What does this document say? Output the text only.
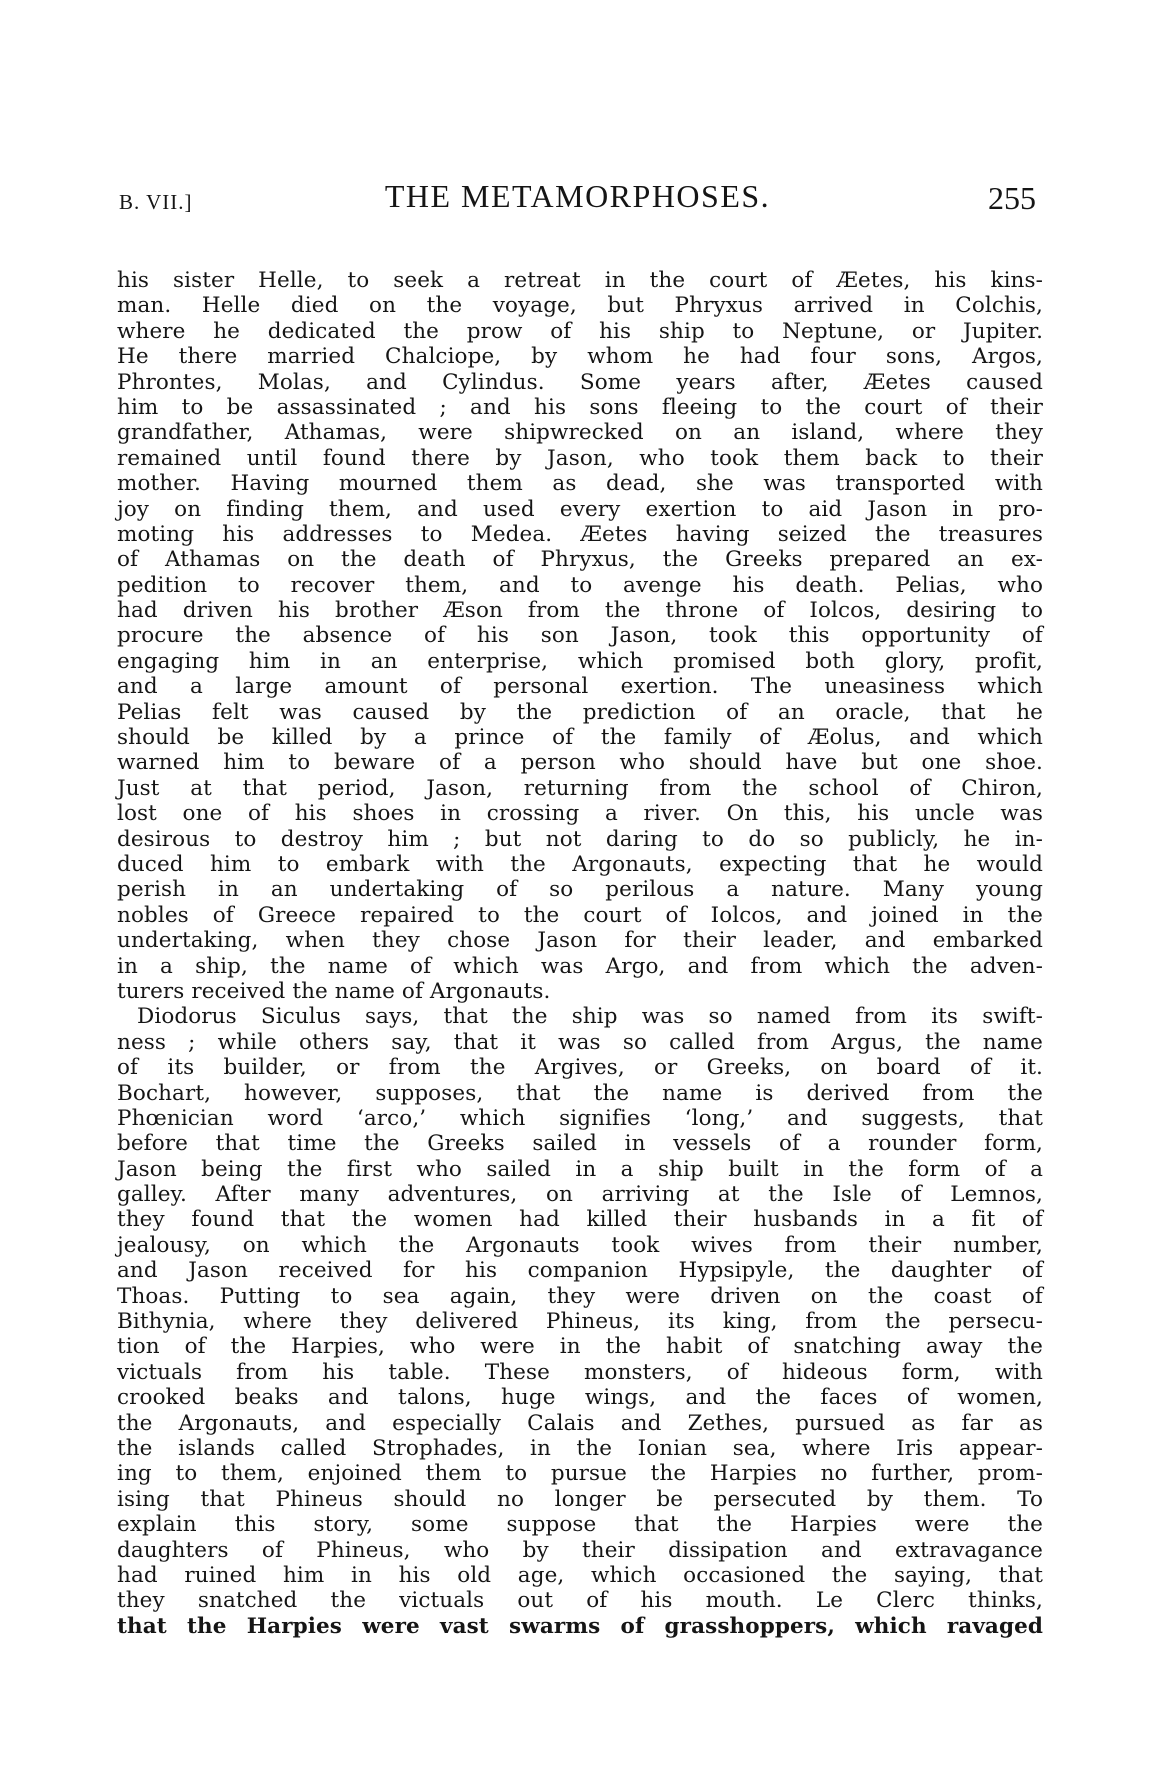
B. VII.]	THE METAMORPHOSES.	255
his sister Helle, to seek a retreat in the court of Æetes, his kins-
man. Helle died on the voyage, but Phryxus arrived in Colchis,
where he dedicated the prow of his ship to Neptune, or Jupiter.
He there married Chalciope, by whom he had four sons, Argos,
Phrontes, Molas, and Cylindus. Some years after, Æetes caused
him to be assassinated ; and his sons fleeing to the court of their
grandfather, Athamas, were shipwrecked on an island, where they
remained until found there by Jason, who took them back to their
mother. Having mourned them as dead, she was transported with
joy on finding them, and used every exertion to aid Jason in pro-
moting his addresses to Medea. Æetes having seized the treasures
of Athamas on the death of Phryxus, the Greeks prepared an ex-
pedition to recover them, and to avenge his death. Pelias, who
had driven his brother Æson from the throne of Iolcos, desiring to
procure the absence of his son Jason, took this opportunity of
engaging him in an enterprise, which promised both glory, profit,
and a large amount of personal exertion. The uneasiness which
Pelias felt was caused by the prediction of an oracle, that he
should be killed by a prince of the family of Æolus, and which
warned him to beware of a person who should have but one shoe.
Just at that period, Jason, returning from the school of Chiron,
lost one of his shoes in crossing a river. On this, his uncle was
desirous to destroy him ; but not daring to do so publicly, he in-
duced him to embark with the Argonauts, expecting that he would
perish in an undertaking of so perilous a nature. Many young
nobles of Greece repaired to the court of Iolcos, and joined in the
undertaking, when they chose Jason for their leader, and embarked
in a ship, the name of which was Argo, and from which the adven-
turers received the name of Argonauts.
Diodorus Siculus says, that the ship was so named from its swift-
ness ; while others say, that it was so called from Argus, the name
of its builder, or from the Argives, or Greeks, on board of it.
Bochart, however, supposes, that the name is derived from the
Phœnician word ‘arco,’ which signifies ‘long,’ and suggests, that
before that time the Greeks sailed in vessels of a rounder form,
Jason being the first who sailed in a ship built in the form of a
galley. After many adventures, on arriving at the Isle of Lemnos,
they found that the women had killed their husbands in a fit of
jealousy, on which the Argonauts took wives from their number,
and Jason received for his companion Hypsipyle, the daughter of
Thoas. Putting to sea again, they were driven on the coast of
Bithynia, where they delivered Phineus, its king, from the persecu-
tion of the Harpies, who were in the habit of snatching away the
victuals from his table. These monsters, of hideous form, with
crooked beaks and talons, huge wings, and the faces of women,
the Argonauts, and especially Calais and Zethes, pursued as far as
the islands called Strophades, in the Ionian sea, where Iris appear-
ing to them, enjoined them to pursue the Harpies no further, prom-
ising that Phineus should no longer be persecuted by them. To
explain this story, some suppose that the Harpies were the
daughters of Phineus, who by their dissipation and extravagance
had ruined him in his old age, which occasioned the saying, that
they snatched the victuals out of his mouth. Le Clerc thinks,
that the Harpies were vast swarms of grasshoppers, which ravaged
